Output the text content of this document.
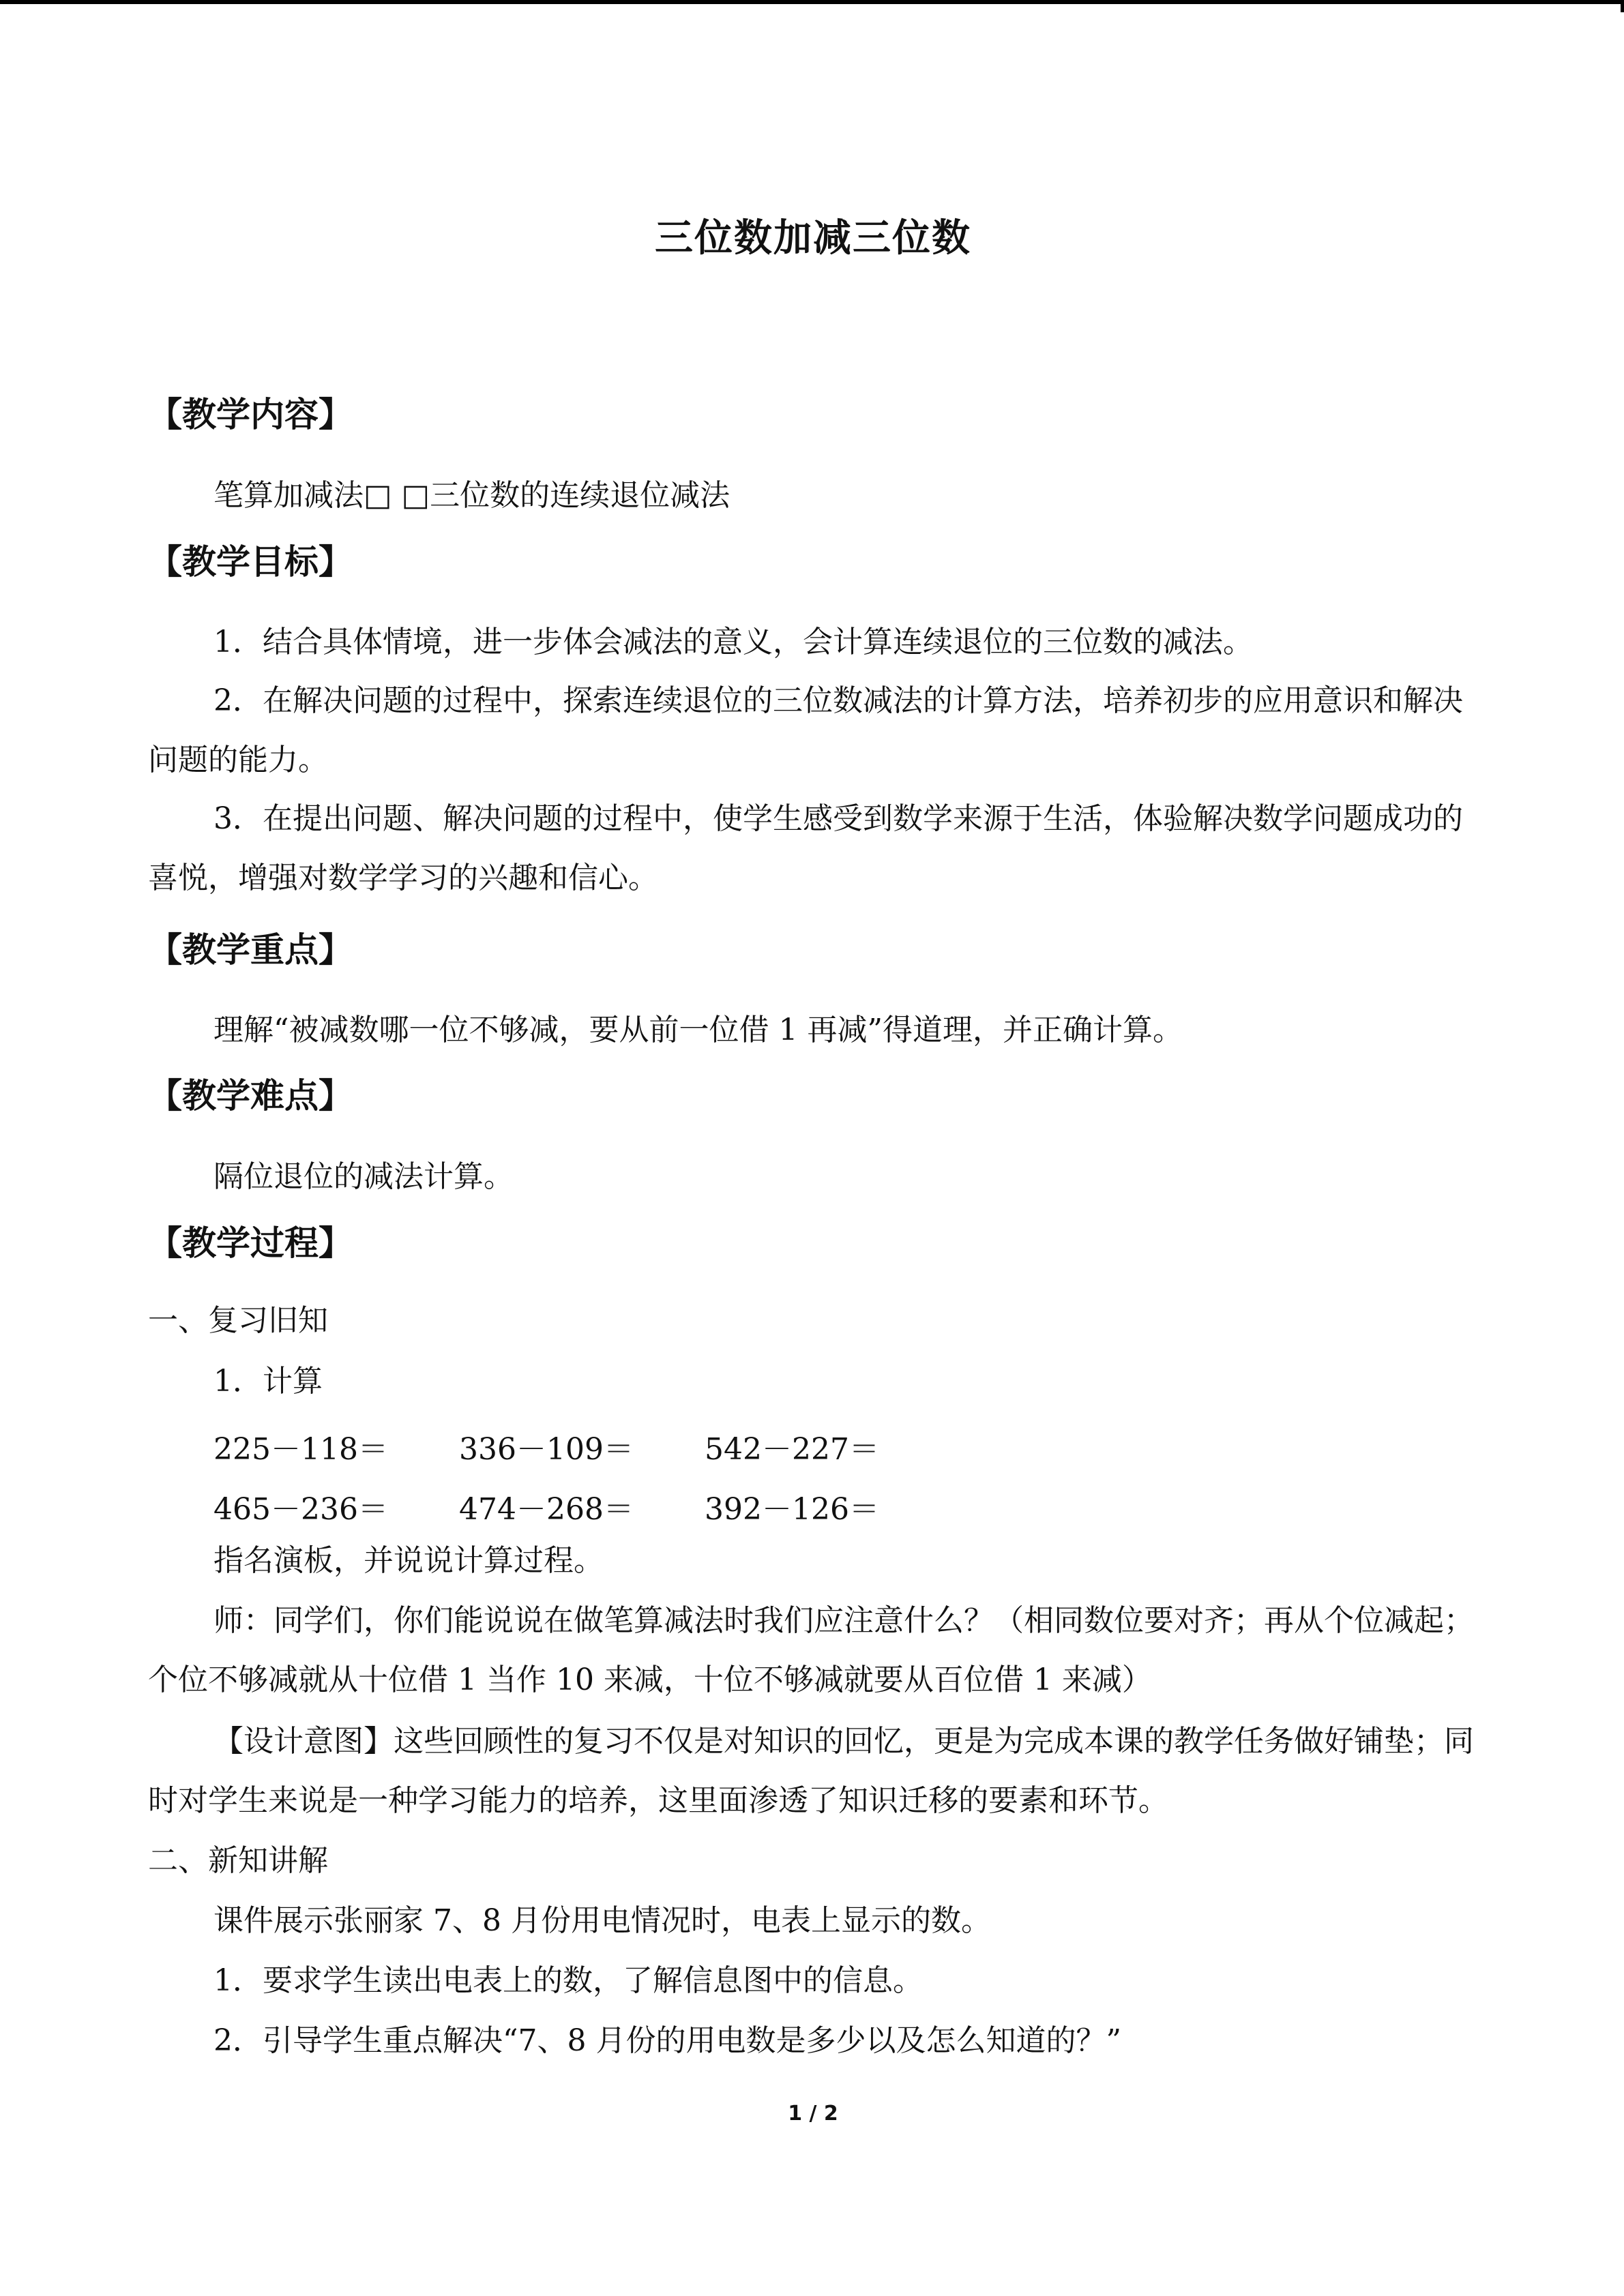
三位数加减三位数
【教学内容】
笔算加减法□ □三位数的连续退位减法
【教学目标】
1．结合具体情境，进一步体会减法的意义，会计算连续退位的三位数的减法。
2．在解决问题的过程中，探索连续退位的三位数减法的计算方法，培养初步的应用意识和解决问题的能力。
3．在提出问题、解决问题的过程中，使学生感受到数学来源于生活，体验解决数学问题成功的喜悦，增强对数学学习的兴趣和信心。
【教学重点】
理解“被减数哪一位不够减，要从前一位借 1 再减”得道理，并正确计算。
【教学难点】
隔位退位的减法计算。
【教学过程】
一、复习旧知
1．计算
225－118＝ 336－109＝ 542－227＝
465－236＝ 474－268＝ 392－126＝
指名演板，并说说计算过程。
师：同学们，你们能说说在做笔算减法时我们应注意什么？（相同数位要对齐；再从个位减起；个位不够减就从十位借 1 当作 10 来减，十位不够减就要从百位借 1 来减）
【设计意图】这些回顾性的复习不仅是对知识的回忆，更是为完成本课的教学任务做好铺垫；同时对学生来说是一种学习能力的培养，这里面渗透了知识迁移的要素和环节。
二、新知讲解
课件展示张丽家 7、8 月份用电情况时，电表上显示的数。
1．要求学生读出电表上的数，了解信息图中的信息。
2．引导学生重点解决“7、8 月份的用电数是多少以及怎么知道的？”
1 / 2
